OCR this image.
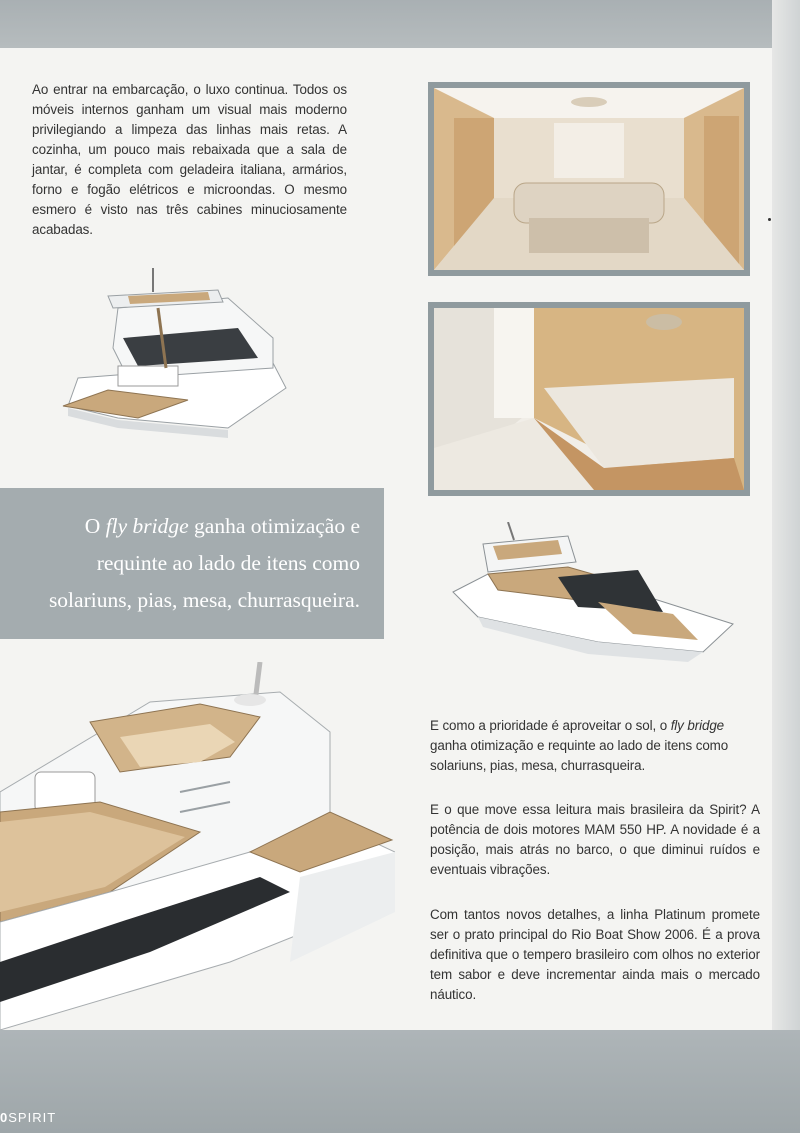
Ao entrar na embarcação, o luxo continua. Todos os móveis internos ganham um visual mais moderno privilegiando a limpeza das linhas mais retas. A cozinha, um pouco mais rebaixada que a sala de jantar, é completa com geladeira italiana, armários, forno e fogão elétricos e microondas. O mesmo esmero é visto nas três cabines minuciosamente acabadas.

O fly bridge ganha otimização e requinte ao lado de itens como solariuns, pias, mesa, churrasqueira.

E como a prioridade é aproveitar o sol, o fly bridge ganha otimização e requinte ao lado de itens como solariuns, pias, mesa, churrasqueira.

E o que move essa leitura mais brasileira da Spirit? A potência de dois motores MAM 550 HP. A novidade é a posição, mais atrás no barco, o que diminui ruídos e eventuais vibrações.

Com tantos novos detalhes, a linha Platinum promete ser o prato principal do Rio Boat Show 2006. É a prova definitiva que o tempero brasileiro com olhos no exterior tem sabor e deve incrementar ainda mais o mercado náutico.

0SPIRIT
